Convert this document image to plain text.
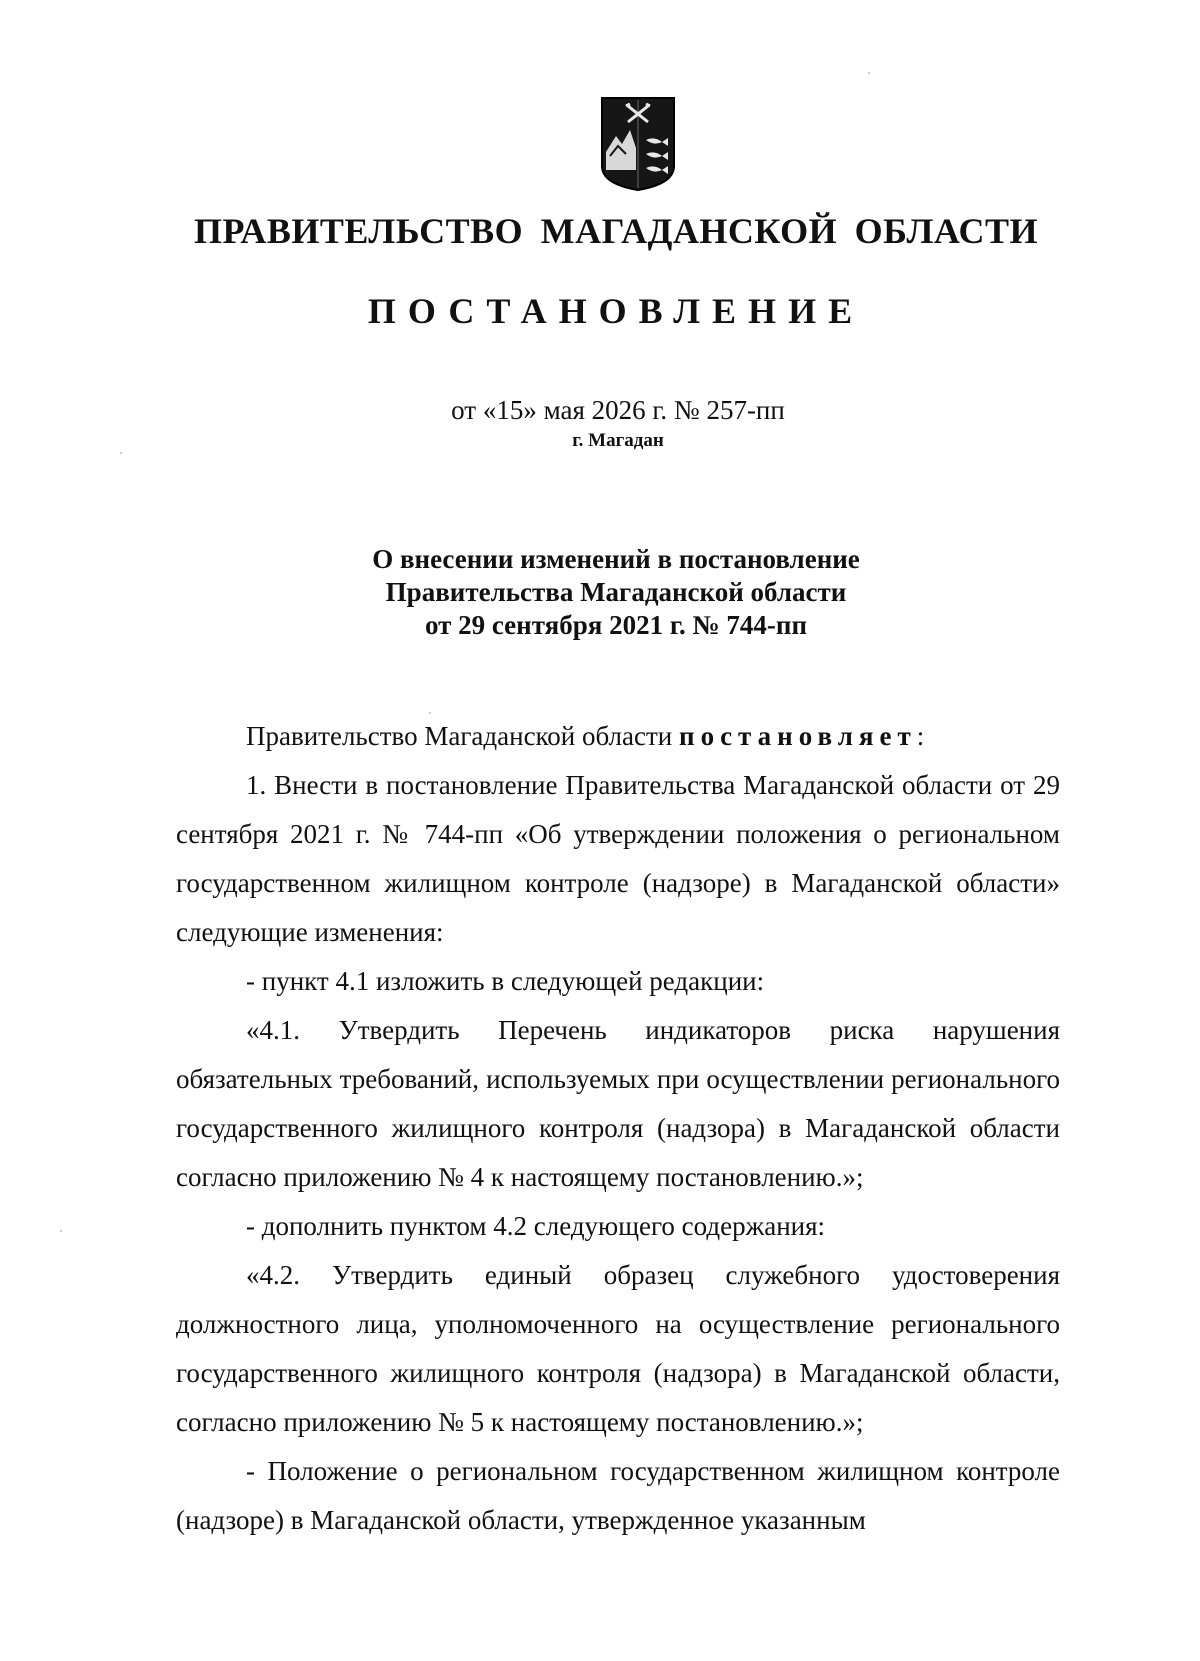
ПРАВИТЕЛЬСТВО МАГАДАНСКОЙ ОБЛАСТИ
ПОСТАНОВЛЕНИЕ
от «15» мая 2026 г. № 257-пп
г. Магадан
О внесении изменений в постановление
Правительства Магаданской области
от 29 сентября 2021 г. № 744-пп

Правительство Магаданской области постановляет:

1. Внести в постановление Правительства Магаданской области от 29 сентября 2021 г. № 744-пп «Об утверждении положения о региональном государственном жилищном контроле (надзоре) в Магаданской области» следующие изменения:

- пункт 4.1 изложить в следующей редакции:

«4.1. Утвердить Перечень индикаторов риска нарушения обязательных требований, используемых при осуществлении регионального государственного жилищного контроля (надзора) в Магаданской области согласно приложению № 4 к настоящему постановлению.»;

- дополнить пунктом 4.2 следующего содержания:

«4.2. Утвердить единый образец служебного удостоверения должностного лица, уполномоченного на осуществление регионального государственного жилищного контроля (надзора) в Магаданской области, согласно приложению № 5 к настоящему постановлению.»;

- Положение о региональном государственном жилищном контроле (надзоре) в Магаданской области, утвержденное указанным
